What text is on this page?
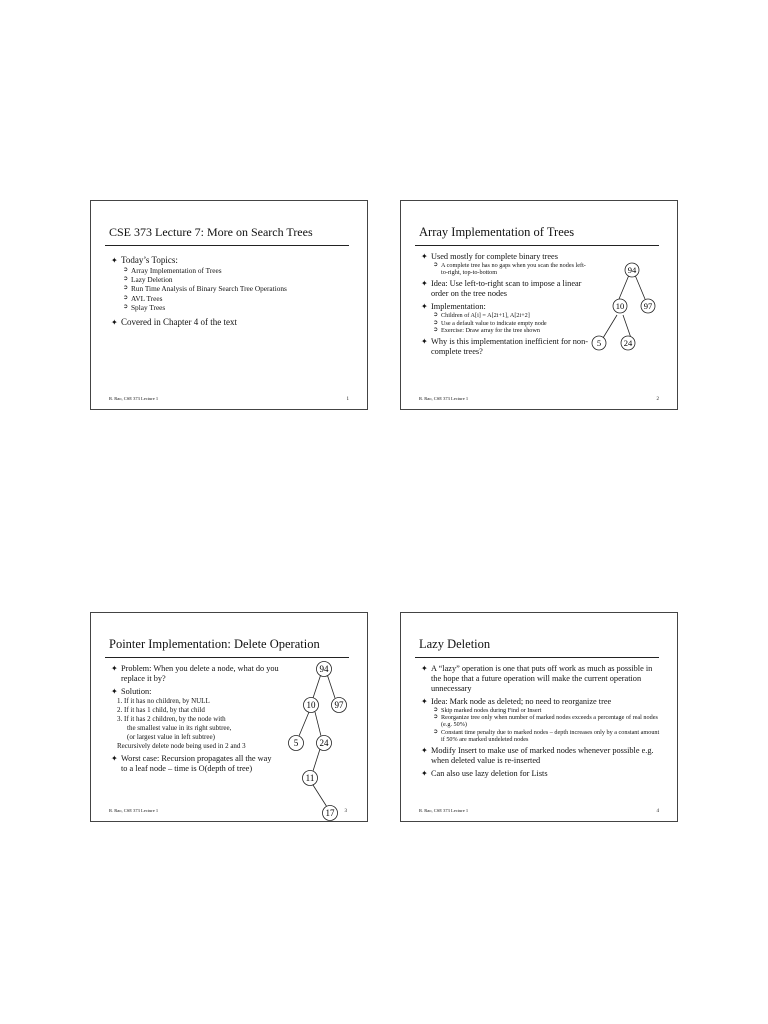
CSE 373 Lecture 7: More on Search Trees
✦ Today’s Topics:
➲ Array Implementation of Trees
➲ Lazy Deletion
➲ Run Time Analysis of Binary Search Tree Operations
➲ AVL Trees
➲ Splay Trees
✦ Covered in Chapter 4 of the text
R. Rao, CSE 373 Lecture 1	1
Array Implementation of Trees
✦ Used mostly for complete binary trees
➲ A complete tree has no gaps when you scan the nodes left-to-right, top-to-bottom
✦ Idea: Use left-to-right scan to impose a linear order on the tree nodes
✦ Implementation:
➲ Children of A[i] = A[2i+1], A[2i+2]
➲ Use a default value to indicate empty node
➲ Exercise: Draw array for the tree shown
✦ Why is this implementation inefficient for non-complete trees?
94
10 97
5	24
R. Rao, CSE 373 Lecture 1	2
Pointer Implementation: Delete Operation
✦ Problem: When you delete a node, what do you replace it by?
✦ Solution:
1. If it has no children, by NULL
2. If it has 1 child, by that child
3. If it has 2 children, by the node with
the smallest value in its right subtree,
(or largest value in left subtree)
Recursively delete node being used in 2 and 3
✦ Worst case: Recursion propagates all the way to a leaf node – time is O(depth of tree)
94
10 97
5 24
11
17
R. Rao, CSE 373 Lecture 1	3
Lazy Deletion
✦ A “lazy” operation is one that puts off work as much as possible in the hope that a future operation will make the current operation unnecessary
✦ Idea: Mark node as deleted; no need to reorganize tree
➲ Skip marked nodes during Find or Insert
➲ Reorganize tree only when number of marked nodes exceeds a percentage of real nodes (e.g. 50%)
➲ Constant time penalty due to marked nodes – depth increases only by a constant amount if 50% are marked undeleted nodes
✦ Modify Insert to make use of marked nodes whenever possible e.g. when deleted value is re-inserted
✦ Can also use lazy deletion for Lists
R. Rao, CSE 373 Lecture 1	4
